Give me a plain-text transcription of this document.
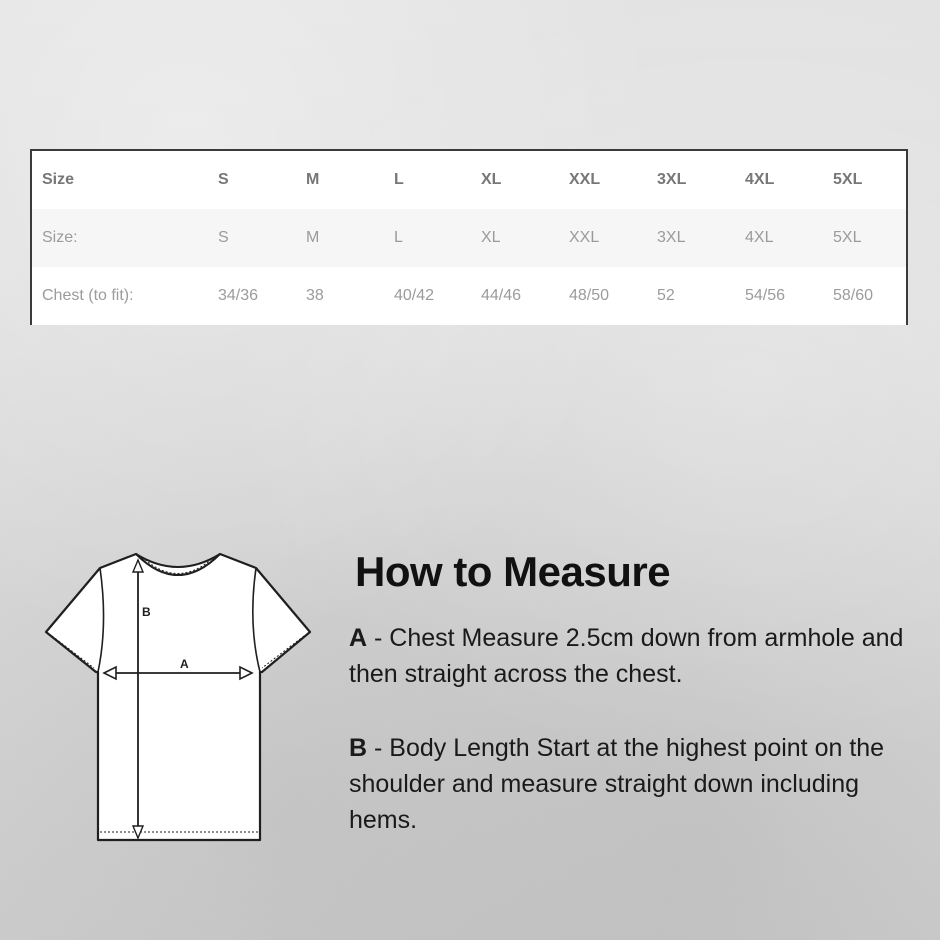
Size	S	M	L	XL	XXL	3XL	4XL	5XL
Size:	S	M	L	XL	XXL	3XL	4XL	5XL
Chest (to fit):	34/36	38	40/42	44/46	48/50	52	54/56	58/60
A
B
How to Measure
A - Chest Measure 2.5cm down from armhole and then straight across the chest.
B - Body Length Start at the highest point on the shoulder and measure straight down including hems.
